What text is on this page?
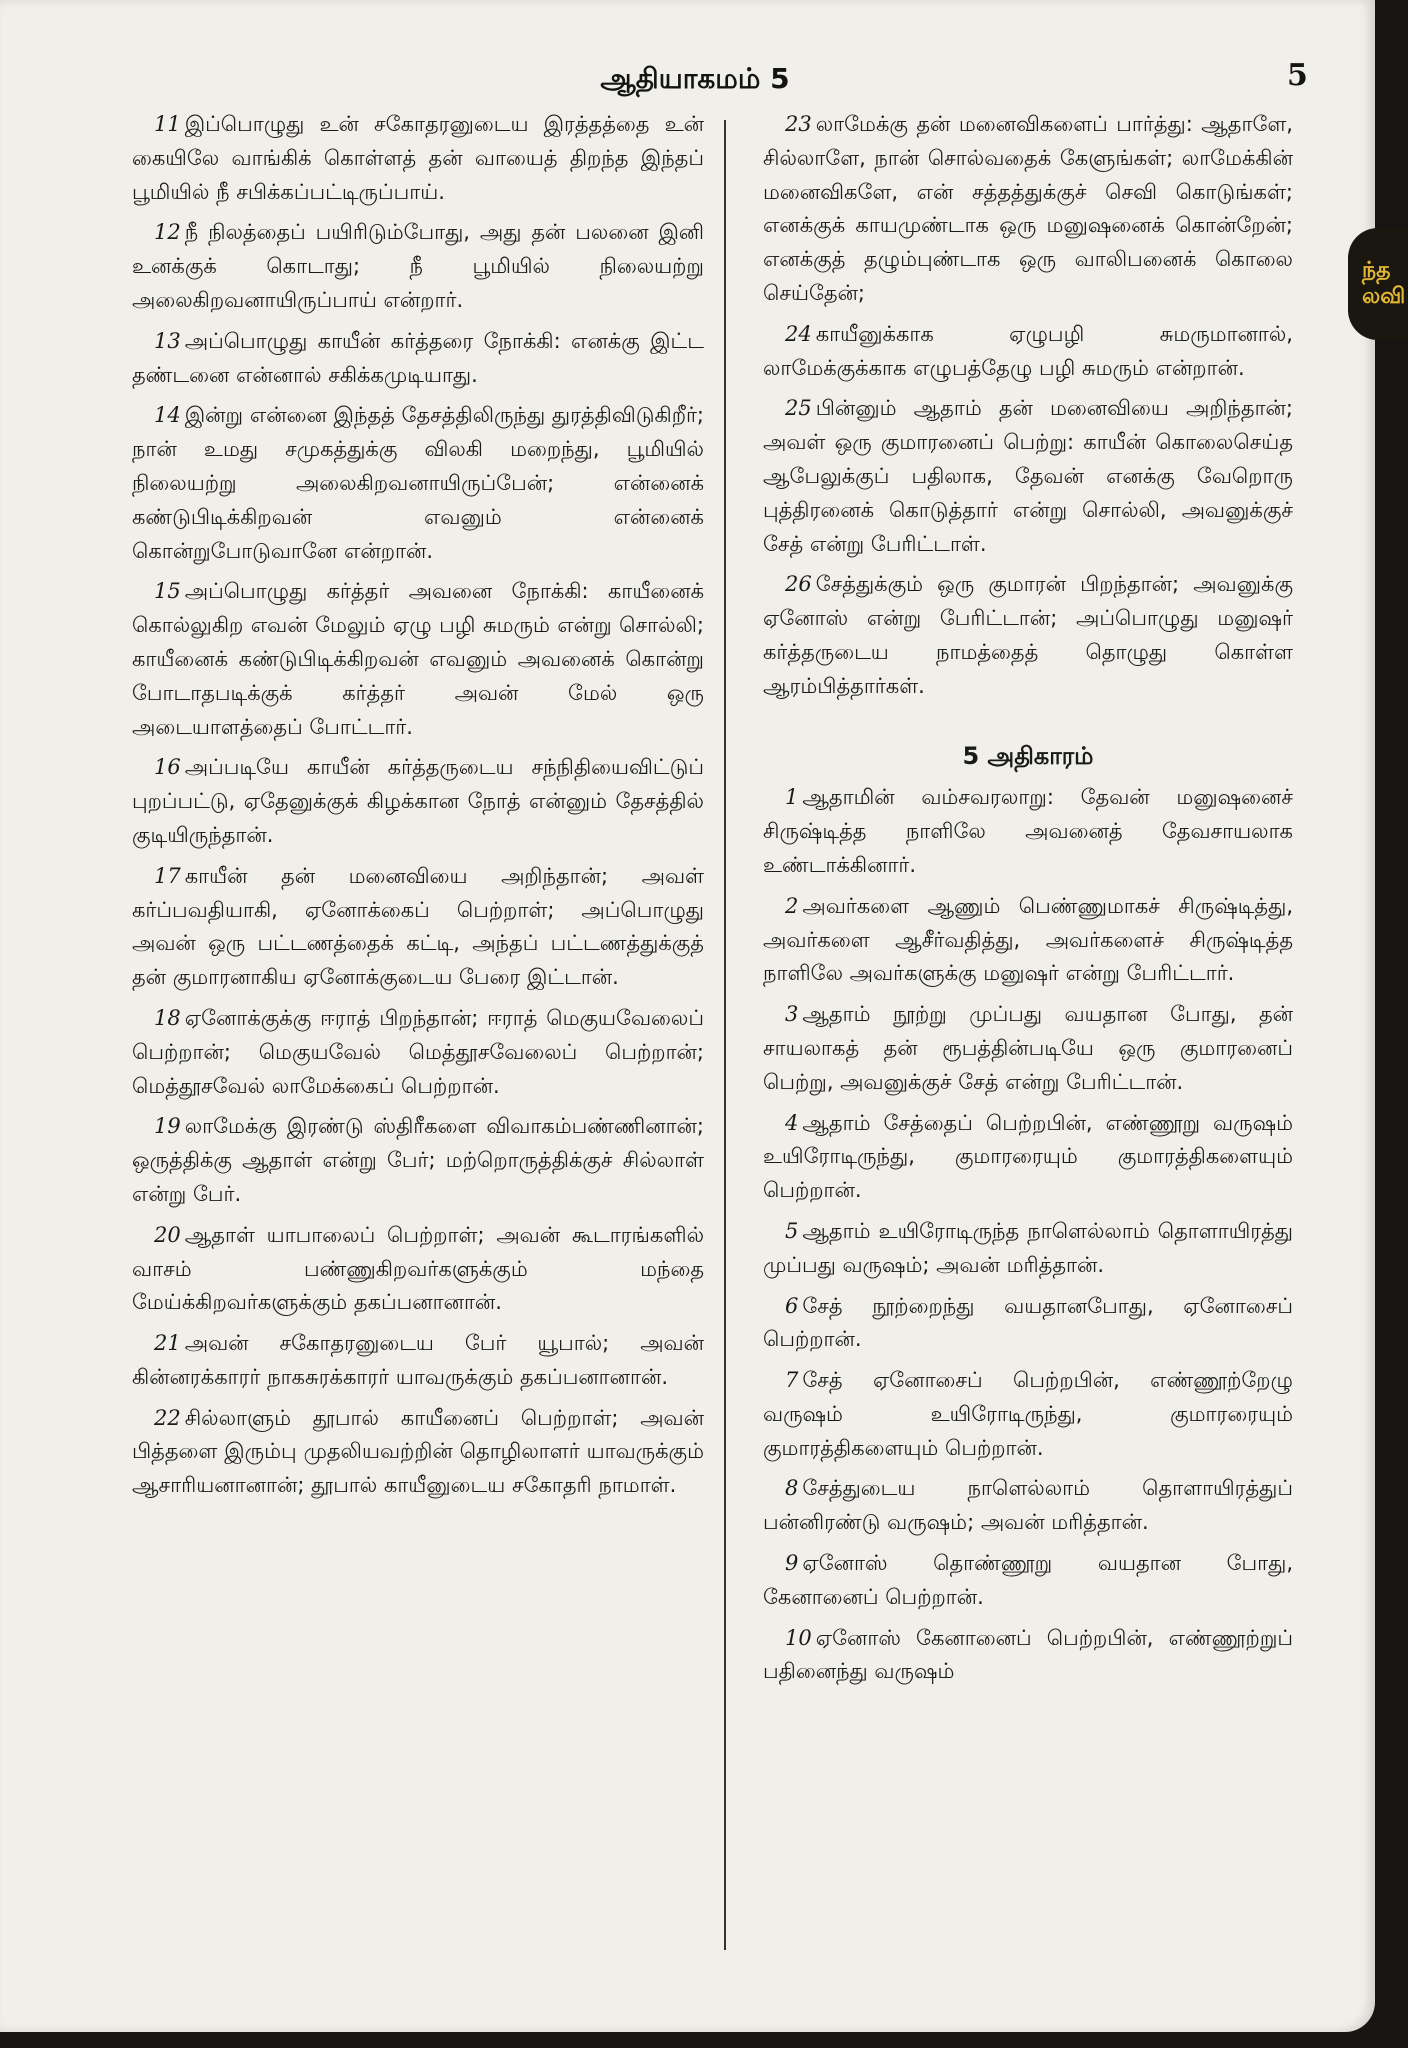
ஆதியாகமம் 5	5

11 இப்பொழுது உன் சகோதரனுடைய இரத்தத்தை உன் கையிலே வாங்கிக் கொள்ளத் தன் வாயைத் திறந்த இந்தப் பூமியில் நீ சபிக்கப்பட்டிருப்பாய்.

12 நீ நிலத்தைப் பயிரிடும்போது, அது தன் பலனை இனி உனக்குக் கொடாது; நீ பூமியில் நிலையற்று அலைகிறவனாயிருப்பாய் என்றார்.

13 அப்பொழுது காயீன் கர்த்தரை நோக்கி: எனக்கு இட்ட தண்டனை என்னால் சகிக்கமுடியாது.

14 இன்று என்னை இந்தத் தேசத்திலிருந்து துரத்திவிடுகிறீர்; நான் உமது சமுகத்துக்கு விலகி மறைந்து, பூமியில் நிலையற்று அலைகிறவனாயிருப்பேன்; என்னைக் கண்டுபிடிக்கிறவன் எவனும் என்னைக் கொன்றுபோடுவானே என்றான்.

15 அப்பொழுது கர்த்தர் அவனை நோக்கி: காயீனைக் கொல்லுகிற எவன் மேலும் ஏழு பழி சுமரும் என்று சொல்லி; காயீனைக் கண்டுபிடிக்கிறவன் எவனும் அவனைக் கொன்று போடாதபடிக்குக் கர்த்தர் அவன் மேல் ஒரு அடையாளத்தைப் போட்டார்.

16 அப்படியே காயீன் கர்த்தருடைய சந்நிதியைவிட்டுப் புறப்பட்டு, ஏதேனுக்குக் கிழக்கான நோத் என்னும் தேசத்தில் குடியிருந்தான்.

17 காயீன் தன் மனைவியை அறிந்தான்; அவள் கர்ப்பவதியாகி, ஏனோக்கைப் பெற்றாள்; அப்பொழுது அவன் ஒரு பட்டணத்தைக் கட்டி, அந்தப் பட்டணத்துக்குத் தன் குமாரனாகிய ஏனோக்குடைய பேரை இட்டான்.

18 ஏனோக்குக்கு ஈராத் பிறந்தான்; ஈராத் மெகுயவேலைப் பெற்றான்; மெகுயவேல் மெத்தூசவேலைப் பெற்றான்; மெத்தூசவேல் லாமேக்கைப் பெற்றான்.

19 லாமேக்கு இரண்டு ஸ்திரீகளை விவாகம்பண்ணினான்; ஒருத்திக்கு ஆதாள் என்று பேர்; மற்றொருத்திக்குச் சில்லாள் என்று பேர்.

20 ஆதாள் யாபாலைப் பெற்றாள்; அவன் கூடாரங்களில் வாசம் பண்ணுகிறவர்களுக்கும் மந்தை மேய்க்கிறவர்களுக்கும் தகப்பனானான்.

21 அவன் சகோதரனுடைய பேர் யூபால்; அவன் கின்னரக்காரர் நாகசுரக்காரர் யாவருக்கும் தகப்பனானான்.

22 சில்லாளும் தூபால் காயீனைப் பெற்றாள்; அவன் பித்தளை இரும்பு முதலியவற்றின் தொழிலாளர் யாவருக்கும் ஆசாரியனானான்; தூபால் காயீனுடைய சகோதரி நாமாள்.

23 லாமேக்கு தன் மனைவிகளைப் பார்த்து: ஆதாளே, சில்லாளே, நான் சொல்வதைக் கேளுங்கள்; லாமேக்கின் மனைவிகளே, என் சத்தத்துக்குச் செவி கொடுங்கள்; எனக்குக் காயமுண்டாக ஒரு மனுஷனைக் கொன்றேன்; எனக்குத் தழும்புண்டாக ஒரு வாலிபனைக் கொலை செய்தேன்;

24 காயீனுக்காக ஏழுபழி சுமருமானால், லாமேக்குக்காக எழுபத்தேழு பழி சுமரும் என்றான்.

25 பின்னும் ஆதாம் தன் மனைவியை அறிந்தான்; அவள் ஒரு குமாரனைப் பெற்று: காயீன் கொலைசெய்த ஆபேலுக்குப் பதிலாக, தேவன் எனக்கு வேறொரு புத்திரனைக் கொடுத்தார் என்று சொல்லி, அவனுக்குச் சேத் என்று பேரிட்டாள்.

26 சேத்துக்கும் ஒரு குமாரன் பிறந்தான்; அவனுக்கு ஏனோஸ் என்று பேரிட்டான்; அப்பொழுது மனுஷர் கர்த்தருடைய நாமத்தைத் தொழுது கொள்ள ஆரம்பித்தார்கள்.

5 அதிகாரம்

1 ஆதாமின் வம்சவரலாறு: தேவன் மனுஷனைச் சிருஷ்டித்த நாளிலே அவனைத் தேவசாயலாக உண்டாக்கினார்.

2 அவர்களை ஆணும் பெண்ணுமாகச் சிருஷ்டித்து, அவர்களை ஆசீர்வதித்து, அவர்களைச் சிருஷ்டித்த நாளிலே அவர்களுக்கு மனுஷர் என்று பேரிட்டார்.

3 ஆதாம் நூற்று முப்பது வயதான போது, தன் சாயலாகத் தன் ரூபத்தின்படியே ஒரு குமாரனைப் பெற்று, அவனுக்குச் சேத் என்று பேரிட்டான்.

4 ஆதாம் சேத்தைப் பெற்றபின், எண்ணூறு வருஷம் உயிரோடிருந்து, குமாரரையும் குமாரத்திகளையும் பெற்றான்.

5 ஆதாம் உயிரோடிருந்த நாளெல்லாம் தொளாயிரத்து முப்பது வருஷம்; அவன் மரித்தான்.

6 சேத் நூற்றைந்து வயதானபோது, ஏனோசைப் பெற்றான்.

7 சேத் ஏனோசைப் பெற்றபின், எண்ணூற்றேழு வருஷம் உயிரோடிருந்து, குமாரரையும் குமாரத்திகளையும் பெற்றான்.

8 சேத்துடைய நாளெல்லாம் தொளாயிரத்துப் பன்னிரண்டு வருஷம்; அவன் மரித்தான்.

9 ஏனோஸ் தொண்ணூறு வயதான போது, கேனானைப் பெற்றான்.

10 ஏனோஸ் கேனானைப் பெற்றபின், எண்ணூற்றுப் பதினைந்து வருஷம்

ந்த
லவி
